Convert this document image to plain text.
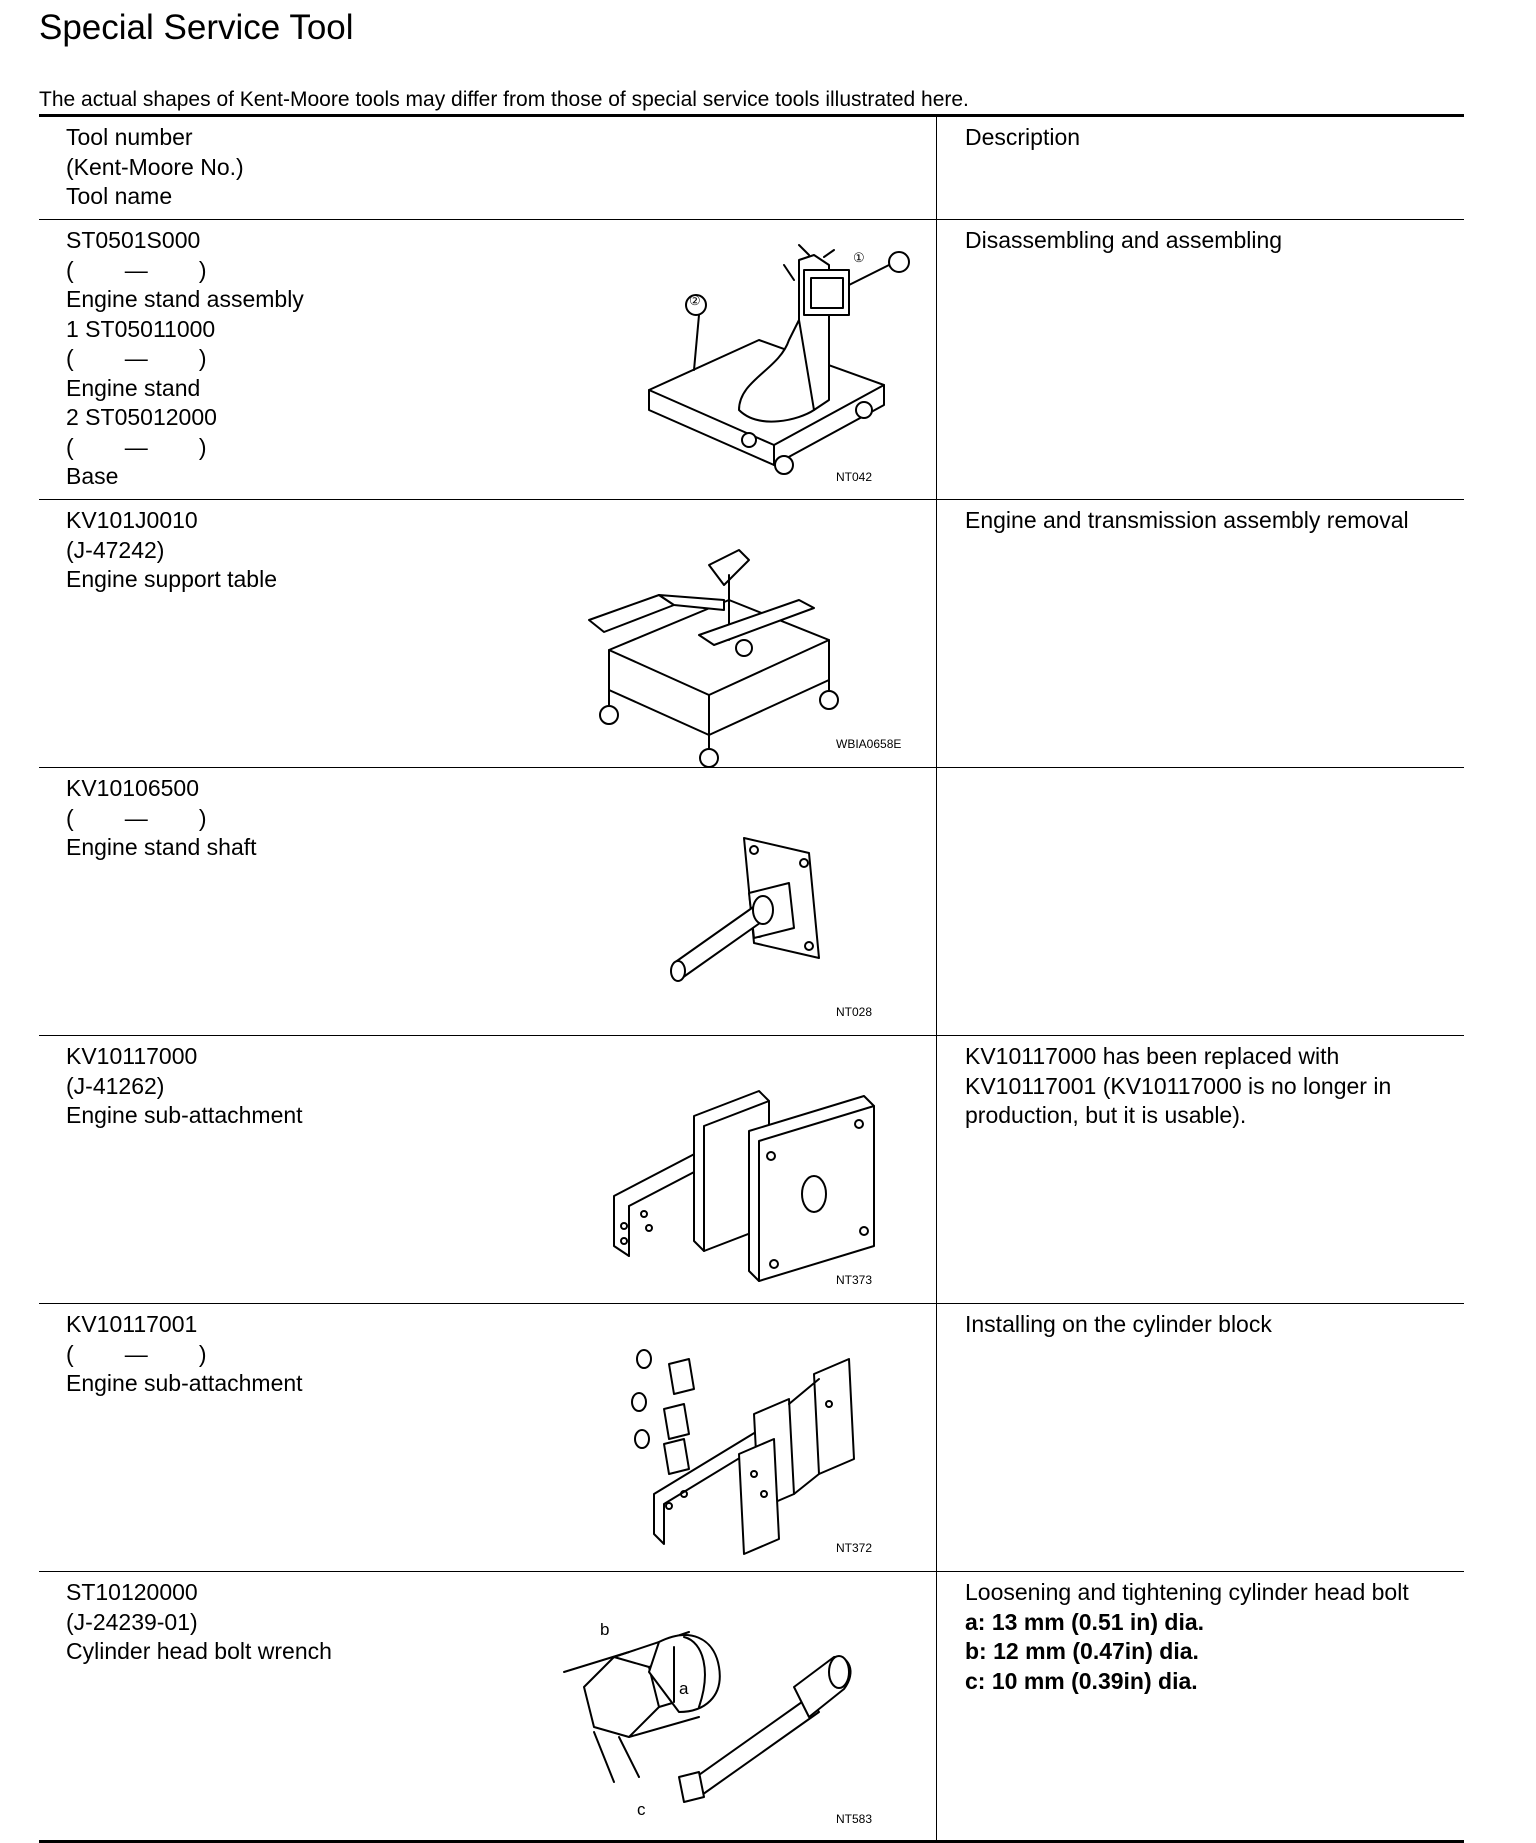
Special Service Tool
The actual shapes of Kent-Moore tools may differ from those of special service tools illustrated here.
Tool number
(Kent-Moore No.)
Tool name
Description
ST0501S000
(        —        )
Engine stand assembly
1 ST05011000
(        —        )
Engine stand
2 ST05012000
(        —        )
Base
①
②
NT042
Disassembling and assembling
KV101J0010
(J-47242)
Engine support table
WBIA0658E
Engine and transmission assembly removal
KV10106500
(        —        )
Engine stand shaft
NT028
KV10117000
(J-41262)
Engine sub-attachment
NT373
KV10117000 has been replaced with KV10117001 (KV10117000 is no longer in production, but it is usable).
KV10117001
(        —        )
Engine sub-attachment
NT372
Installing on the cylinder block
ST10120000
(J-24239-01)
Cylinder head bolt wrench
b
a
c	NT583
Loosening and tightening cylinder head bolt
a: 13 mm (0.51 in) dia.
b: 12 mm (0.47in) dia.
c: 10 mm (0.39in) dia.
